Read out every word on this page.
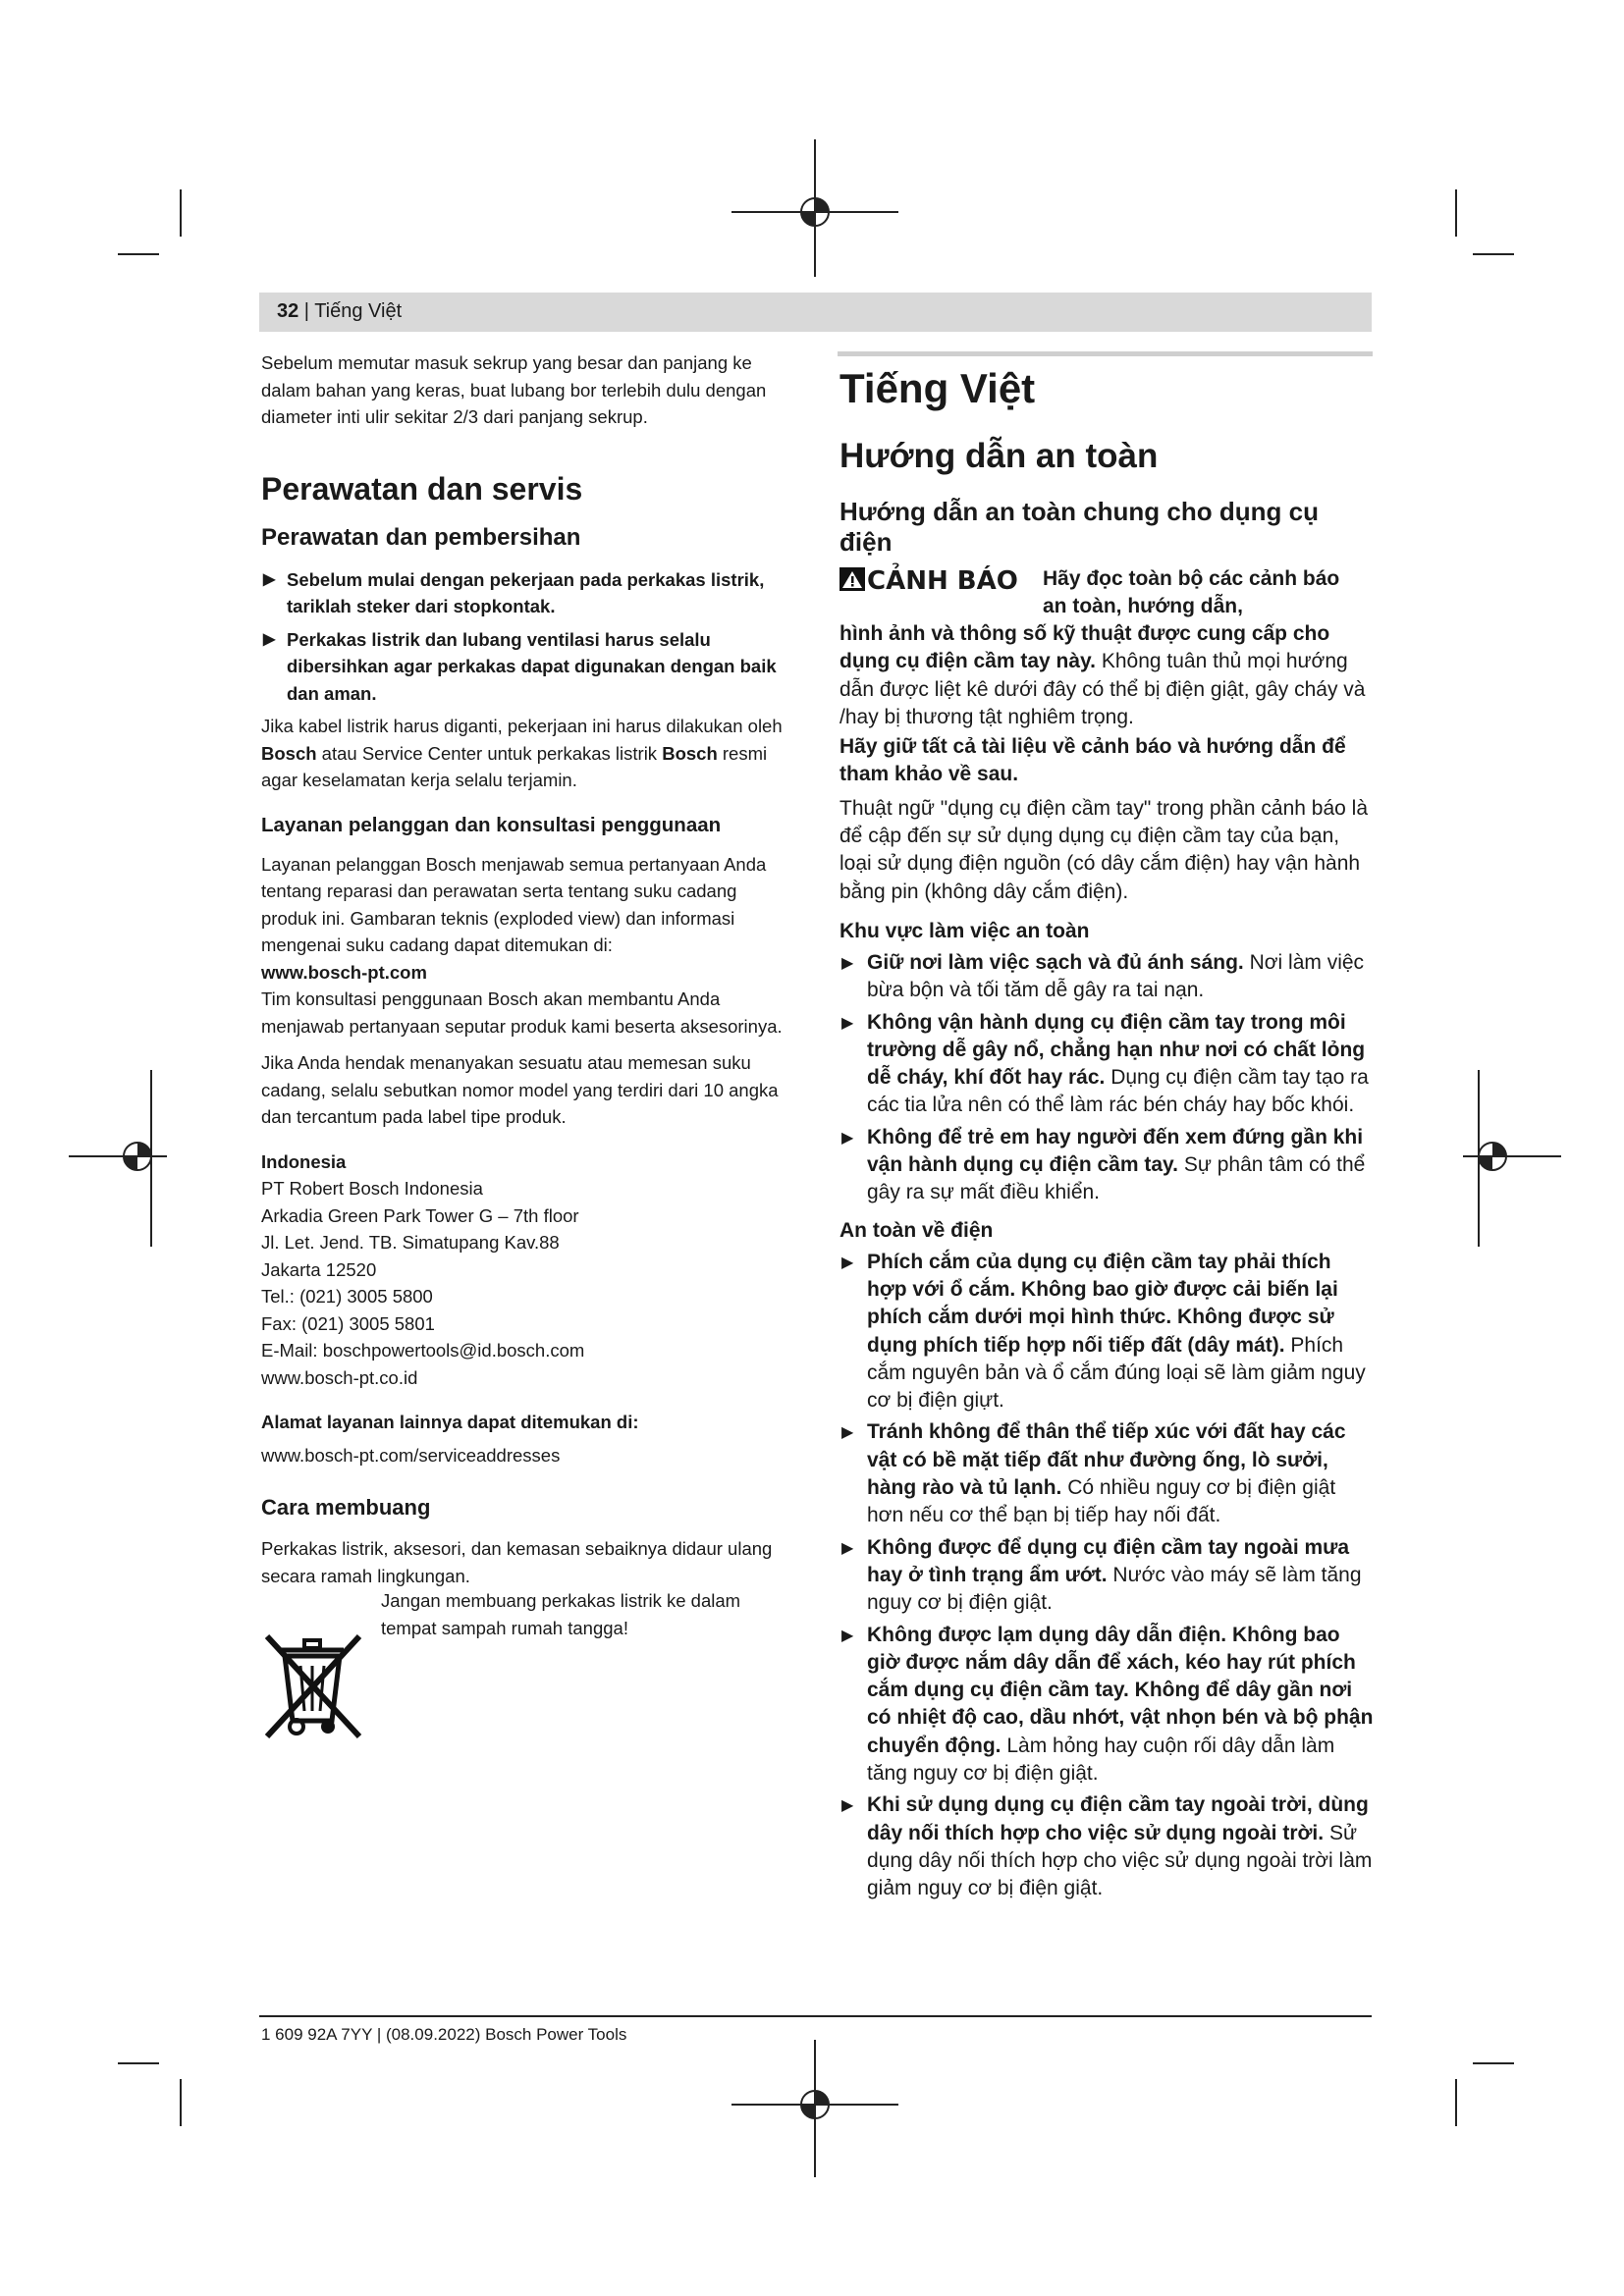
32 | Tiếng Việt

Sebelum memutar masuk sekrup yang besar dan panjang ke dalam bahan yang keras, buat lubang bor terlebih dulu dengan diameter inti ulir sekitar 2/3 dari panjang sekrup.

Perawatan dan servis
Perawatan dan pembersihan
▶ Sebelum mulai dengan pekerjaan pada perkakas listrik, tariklah steker dari stopkontak.
▶ Perkakas listrik dan lubang ventilasi harus selalu dibersihkan agar perkakas dapat digunakan dengan baik dan aman.

Jika kabel listrik harus diganti, pekerjaan ini harus dilakukan oleh Bosch atau Service Center untuk perkakas listrik Bosch resmi agar keselamatan kerja selalu terjamin.

Layanan pelanggan dan konsultasi penggunaan

Layanan pelanggan Bosch menjawab semua pertanyaan Anda tentang reparasi dan perawatan serta tentang suku cadang produk ini. Gambaran teknis (exploded view) dan informasi mengenai suku cadang dapat ditemukan di:

www.bosch-pt.com

Tim konsultasi penggunaan Bosch akan membantu Anda menjawab pertanyaan seputar produk kami beserta aksesorinya.

Jika Anda hendak menanyakan sesuatu atau memesan suku cadang, selalu sebutkan nomor model yang terdiri dari 10 angka dan tercantum pada label tipe produk.

Indonesia

PT Robert Bosch Indonesia

Arkadia Green Park Tower G – 7th floor

Jl. Let. Jend. TB. Simatupang Kav.88

Jakarta 12520

Tel.: (021) 3005 5800

Fax: (021) 3005 5801

E-Mail: boschpowertools@id.bosch.com

www.bosch-pt.co.id

Alamat layanan lainnya dapat ditemukan di:

www.bosch-pt.com/serviceaddresses

Cara membuang

Perkakas listrik, aksesori, dan kemasan sebaiknya didaur ulang secara ramah lingkungan.

Jangan membuang perkakas listrik ke dalam tempat sampah rumah tangga!

Tiếng Việt
Hướng dẫn an toàn
Hướng dẫn an toàn chung cho dụng cụ điện
CẢNH BÁO Hãy đọc toàn bộ các cảnh báo an toàn, hướng dẫn,

hình ảnh và thông số kỹ thuật được cung cấp cho dụng cụ điện cầm tay này. Không tuân thủ mọi hướng dẫn được liệt kê dưới đây có thể bị điện giật, gây cháy và /hay bị thương tật nghiêm trọng.

Hãy giữ tất cả tài liệu về cảnh báo và hướng dẫn để tham khảo về sau.

Thuật ngữ "dụng cụ điện cầm tay" trong phần cảnh báo là để cập đến sự sử dụng dụng cụ điện cầm tay của bạn, loại sử dụng điện nguồn (có dây cắm điện) hay vận hành bằng pin (không dây cắm điện).

Khu vực làm việc an toàn
▶ Giữ nơi làm việc sạch và đủ ánh sáng. Nơi làm việc bừa bộn và tối tăm dễ gây ra tai nạn.
▶ Không vận hành dụng cụ điện cầm tay trong môi trường dễ gây nổ, chẳng hạn như nơi có chất lỏng dễ cháy, khí đốt hay rác. Dụng cụ điện cầm tay tạo ra các tia lửa nên có thể làm rác bén cháy hay bốc khói.
▶ Không để trẻ em hay người đến xem đứng gần khi vận hành dụng cụ điện cầm tay. Sự phân tâm có thể gây ra sự mất điều khiển.
An toàn về điện
▶ Phích cắm của dụng cụ điện cầm tay phải thích hợp với ổ cắm. Không bao giờ được cải biến lại phích cắm dưới mọi hình thức. Không được sử dụng phích tiếp hợp nối tiếp đất (dây mát). Phích cắm nguyên bản và ổ cắm đúng loại sẽ làm giảm nguy cơ bị điện giựt.
▶ Tránh không để thân thể tiếp xúc với đất hay các vật có bề mặt tiếp đất như đường ống, lò sưởi, hàng rào và tủ lạnh. Có nhiều nguy cơ bị điện giật hơn nếu cơ thể bạn bị tiếp hay nối đất.
▶ Không được để dụng cụ điện cầm tay ngoài mưa hay ở tình trạng ẩm ướt. Nước vào máy sẽ làm tăng nguy cơ bị điện giật.
▶ Không được lạm dụng dây dẫn điện. Không bao giờ được nắm dây dẫn để xách, kéo hay rút phích cắm dụng cụ điện cầm tay. Không để dây gần nơi có nhiệt độ cao, dầu nhớt, vật nhọn bén và bộ phận chuyển động. Làm hỏng hay cuộn rối dây dẫn làm tăng nguy cơ bị điện giật.
▶ Khi sử dụng dụng cụ điện cầm tay ngoài trời, dùng dây nối thích hợp cho việc sử dụng ngoài trời. Sử dụng dây nối thích hợp cho việc sử dụng ngoài trời làm giảm nguy cơ bị điện giật.
1 609 92A 7YY | (08.09.2022) Bosch Power Tools
